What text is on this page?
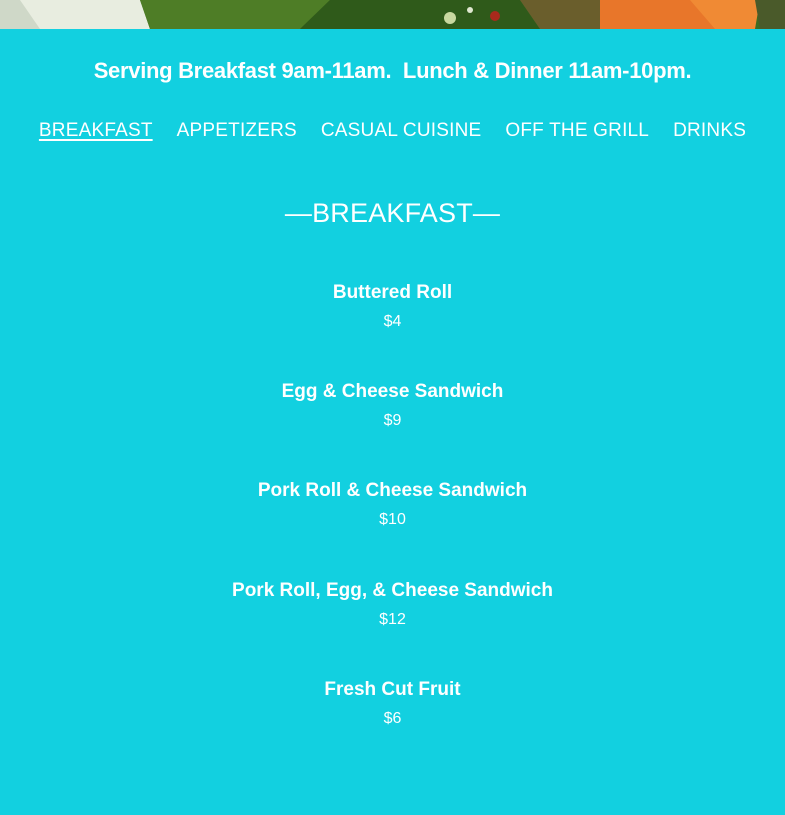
Serving Breakfast 9am-11am.  Lunch & Dinner 11am-10pm.
BREAKFAST APPETIZERS CASUAL CUISINE OFF THE GRILL DRINKS
—BREAKFAST—
Buttered Roll
$4
Egg & Cheese Sandwich
$9
Pork Roll & Cheese Sandwich
$10
Pork Roll, Egg, & Cheese Sandwich
$12
Fresh Cut Fruit
$6
